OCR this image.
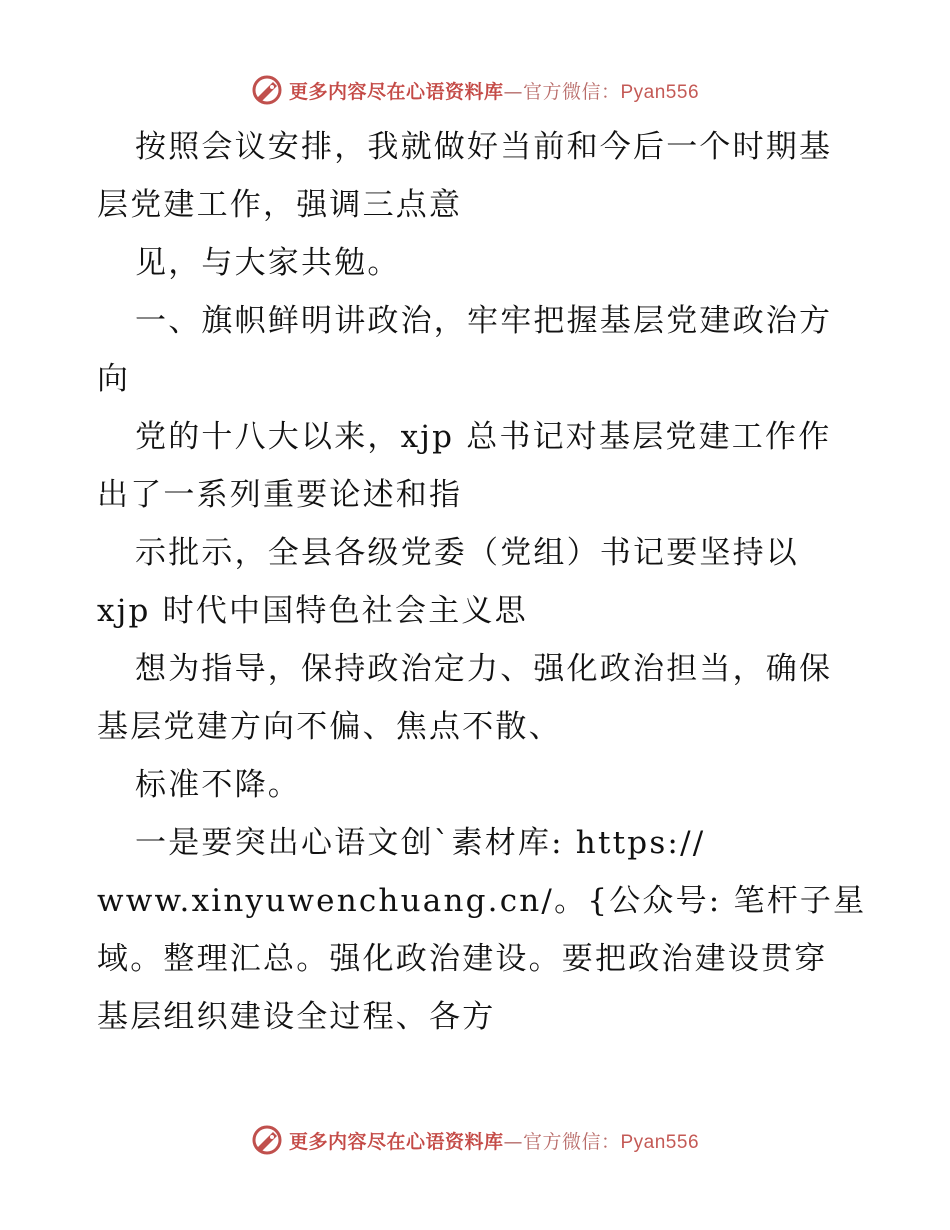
更多内容尽在心语资料库—官方微信：Pyan556
按照会议安排，我就做好当前和今后一个时期基
层党建工作，强调三点意
见，与大家共勉。
一、旗帜鲜明讲政治，牢牢把握基层党建政治方
向
党的十八大以来，xjp 总书记对基层党建工作作
出了一系列重要论述和指
示批示，全县各级党委（党组）书记要坚持以
xjp 时代中国特色社会主义思
想为指导，保持政治定力、强化政治担当，确保
基层党建方向不偏、焦点不散、
标准不降。
一是要突出心语文创`素材库: https://
www.xinyuwenchuang.cn/。{公众号: 笔杆子星
域。整理汇总。强化政治建设。要把政治建设贯穿
基层组织建设全过程、各方
更多内容尽在心语资料库—官方微信：Pyan556
